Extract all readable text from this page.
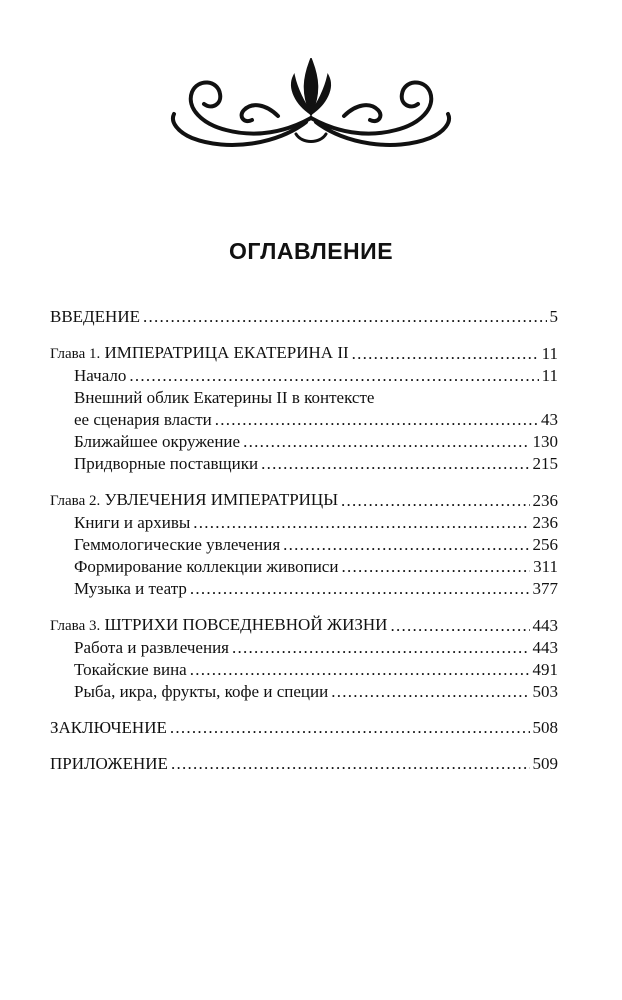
ОГЛАВЛЕНИЕ
ВВЕДЕНИЕ . . .	5
Глава 1. ИМПЕРАТРИЦА ЕКАТЕРИНА II . . .	11
Начало . . .	11
Внешний облик Екатерины II в контексте
ее сценария власти . . .	43
Ближайшее окружение . . .	130
Придворные поставщики . . .	215
Глава 2. УВЛЕЧЕНИЯ ИМПЕРАТРИЦЫ . . .	236
Книги и архивы . . .	236
Геммологические увлечения . . .	256
Формирование коллекции живописи . . .	311
Музыка и театр . . .	377
Глава 3. ШТРИХИ ПОВСЕДНЕВНОЙ ЖИЗНИ . . .	443
Работа и развлечения . . .	443
Токайские вина . . .	491
Рыба, икра, фрукты, кофе и специи . . .	503
ЗАКЛЮЧЕНИЕ . . .	508
ПРИЛОЖЕНИЕ . . .	509
